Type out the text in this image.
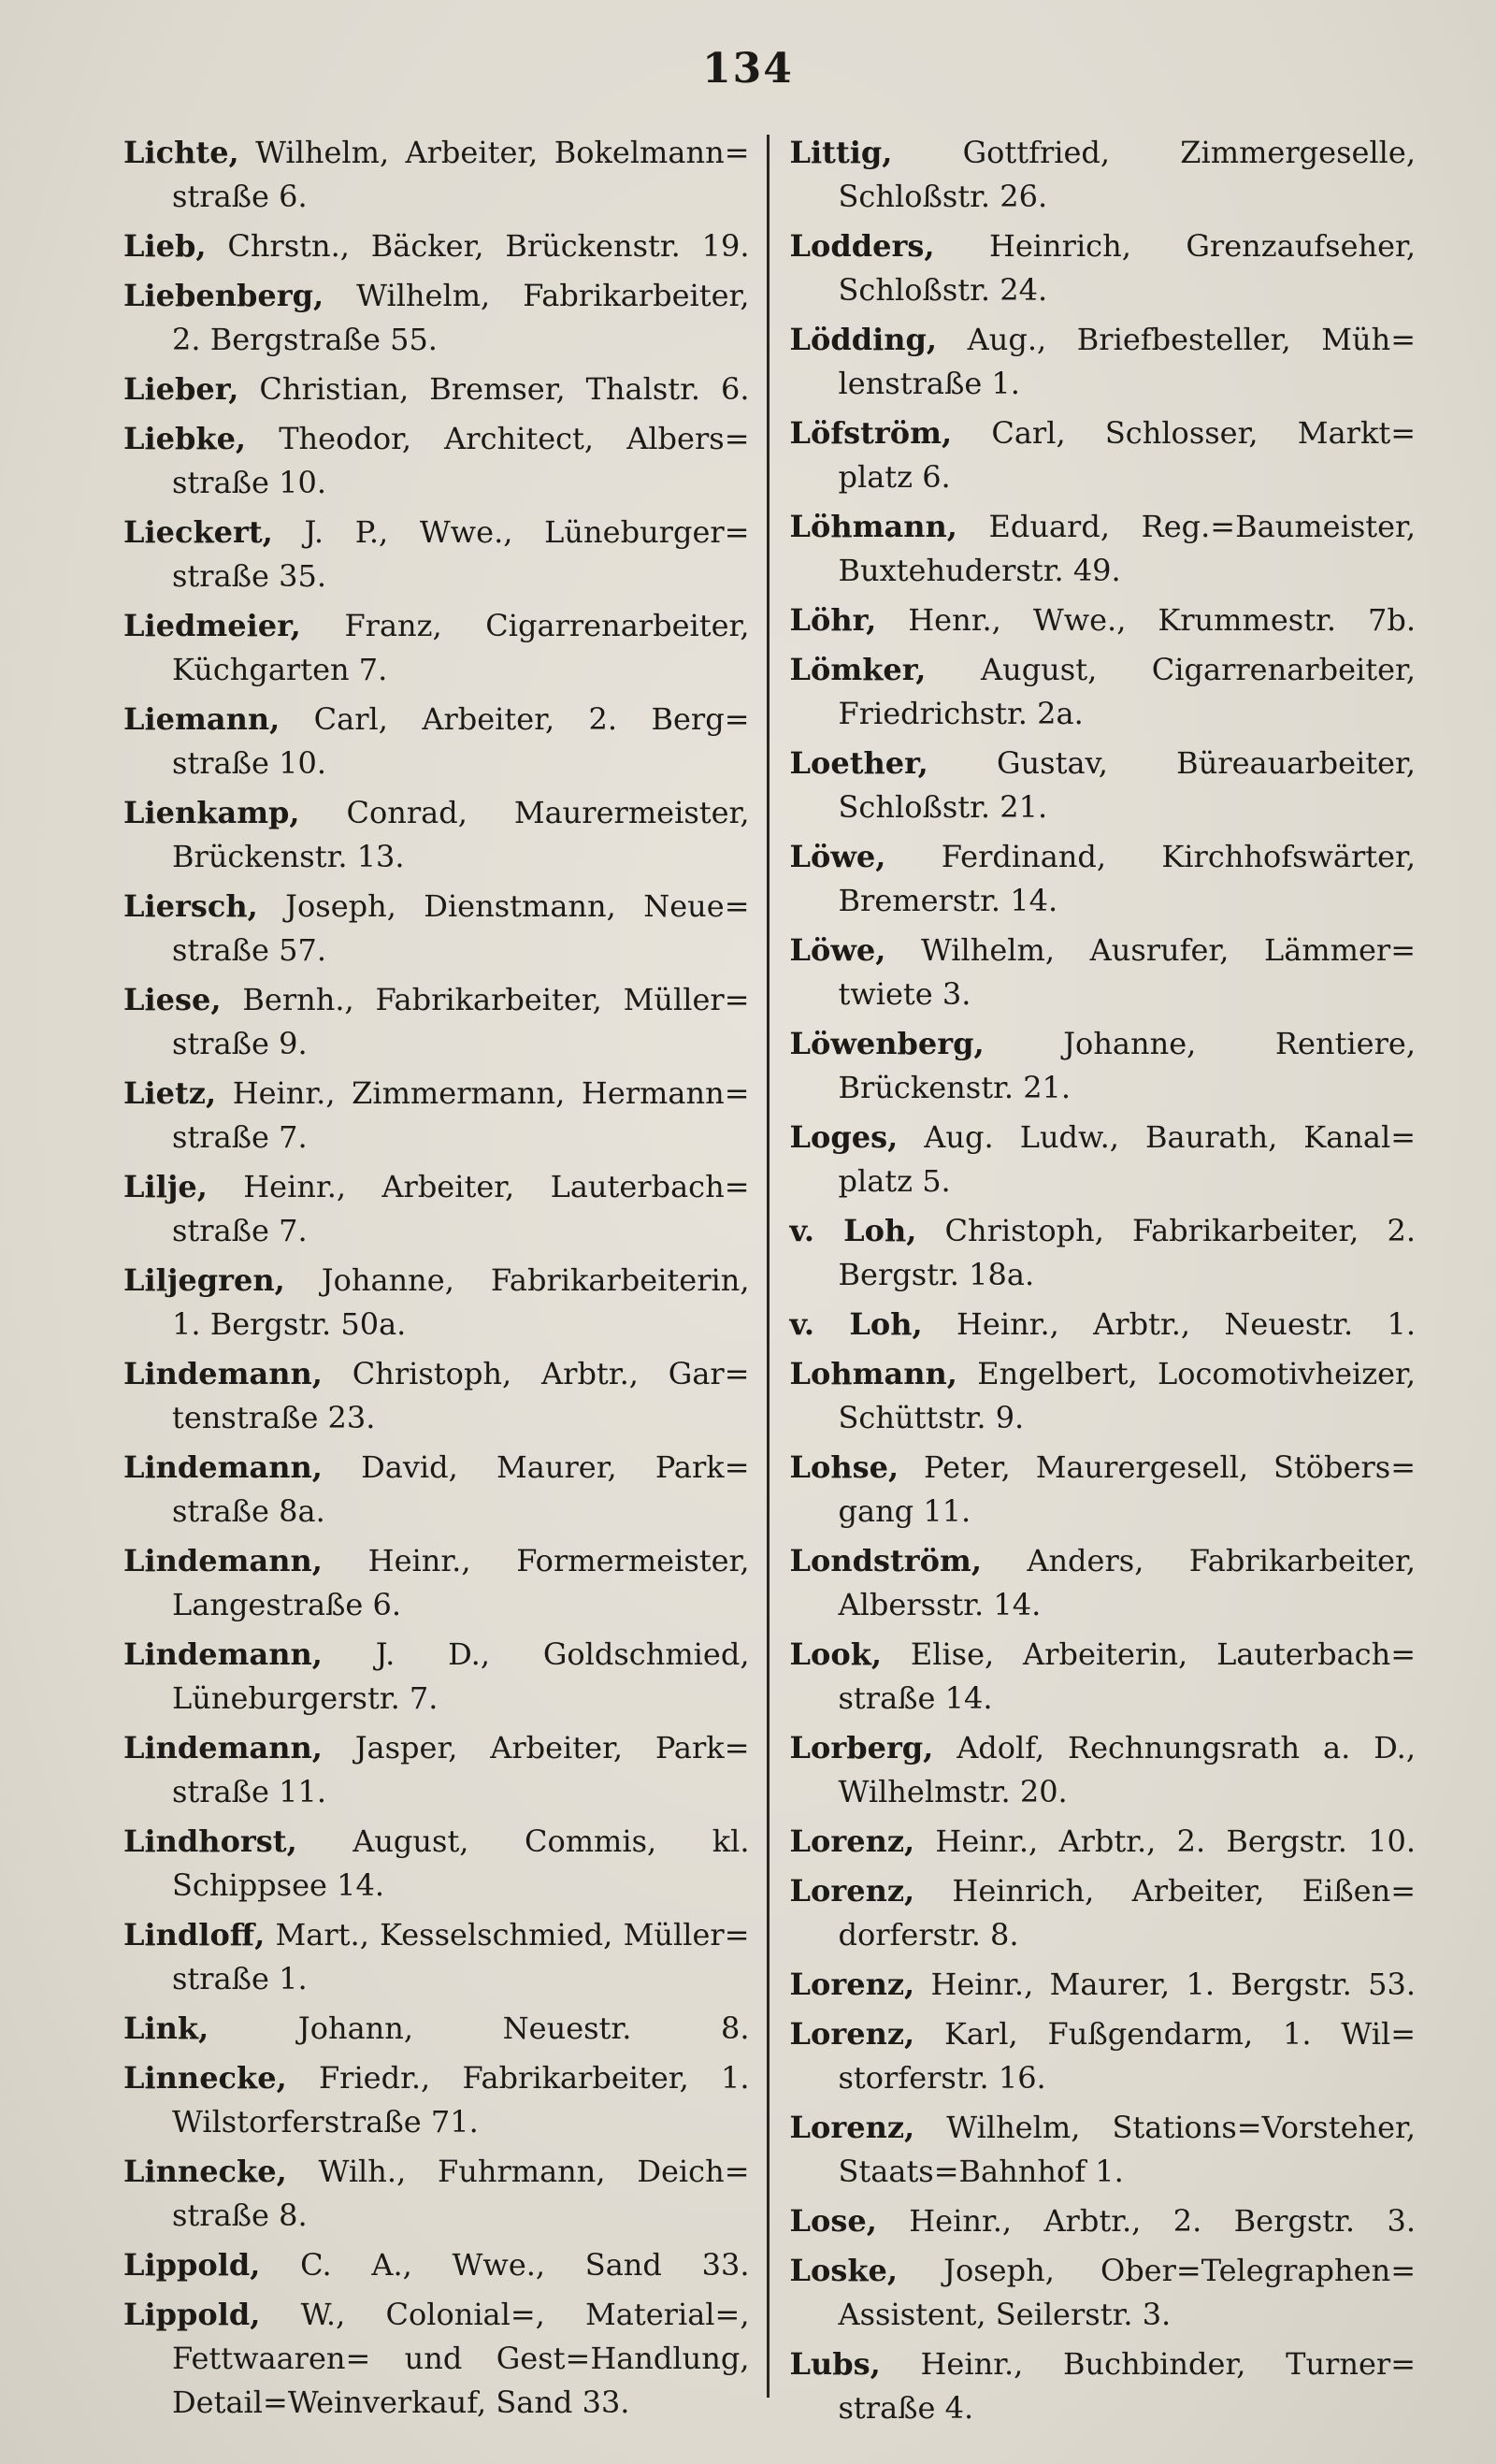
134
Lichte, Wilhelm, Arbeiter, Bokelmann=
straße 6.
Lieb, Chrstn., Bäcker, Brückenstr. 19.
Liebenberg, Wilhelm, Fabrikarbeiter,
2. Bergstraße 55.
Lieber, Christian, Bremser, Thalstr. 6.
Liebke, Theodor, Architect, Albers=
straße 10.
Lieckert, J. P., Wwe., Lüneburger=
straße 35.
Liedmeier, Franz, Cigarrenarbeiter,
Küchgarten 7.
Liemann, Carl, Arbeiter, 2. Berg=
straße 10.
Lienkamp, Conrad, Maurermeister,
Brückenstr. 13.
Liersch, Joseph, Dienstmann, Neue=
straße 57.
Liese, Bernh., Fabrikarbeiter, Müller=
straße 9.
Lietz, Heinr., Zimmermann, Hermann=
straße 7.
Lilje, Heinr., Arbeiter, Lauterbach=
straße 7.
Liljegren, Johanne, Fabrikarbeiterin,
1. Bergstr. 50a.
Lindemann, Christoph, Arbtr., Gar=
tenstraße 23.
Lindemann, David, Maurer, Park=
straße 8a.
Lindemann, Heinr., Formermeister,
Langestraße 6.
Lindemann, J. D., Goldschmied,
Lüneburgerstr. 7.
Lindemann, Jasper, Arbeiter, Park=
straße 11.
Lindhorst, August, Commis, kl.
Schippsee 14.
Lindloff, Mart., Kesselschmied, Müller=
straße 1.
Link,	Johann, Neuestr. 8.
Linnecke, Friedr., Fabrikarbeiter, 1.
Wilstorferstraße 71.
Linnecke, Wilh., Fuhrmann, Deich=
straße 8.
Lippold, C. A., Wwe., Sand 33.
Lippold, W., Colonial=, Material=,
Fettwaaren= und Gest=Handlung,
Detail=Weinverkauf, Sand 33.
Littig, Gottfried, Zimmergeselle,
Schloßstr. 26.
Lodders, Heinrich, Grenzaufseher,
Schloßstr. 24.
Lödding, Aug., Briefbesteller, Müh=
lenstraße 1.
Löfström, Carl, Schlosser, Markt=
platz 6.
Löhmann, Eduard, Reg.=Baumeister,
Buxtehuderstr. 49.
Löhr, Henr., Wwe., Krummestr. 7b.
Lömker, August, Cigarrenarbeiter,
Friedrichstr. 2a.
Loether, Gustav, Büreauarbeiter,
Schloßstr. 21.
Löwe, Ferdinand, Kirchhofswärter,
Bremerstr. 14.
Löwe, Wilhelm, Ausrufer, Lämmer=
twiete 3.
Löwenberg,	Johanne, Rentiere,
Brückenstr. 21.
Loges, Aug. Ludw., Baurath, Kanal=
platz 5.
v. Loh, Christoph, Fabrikarbeiter, 2.
Bergstr. 18a.
v. Loh, Heinr., Arbtr., Neuestr. 1.
Lohmann, Engelbert, Locomotivheizer,
Schüttstr. 9.
Lohse, Peter, Maurergesell, Stöbers=
gang 11.
Londström, Anders, Fabrikarbeiter,
Albersstr. 14.
Look, Elise, Arbeiterin, Lauterbach=
straße 14.
Lorberg, Adolf, Rechnungsrath a. D.,
Wilhelmstr. 20.
Lorenz, Heinr., Arbtr., 2. Bergstr. 10.
Lorenz, Heinrich, Arbeiter, Eißen=
dorferstr. 8.
Lorenz, Heinr., Maurer, 1. Bergstr. 53.
Lorenz, Karl, Fußgendarm, 1. Wil=
storferstr. 16.
Lorenz, Wilhelm, Stations=Vorsteher,
Staats=Bahnhof 1.
Lose, Heinr., Arbtr., 2. Bergstr. 3.
Loske, Joseph, Ober=Telegraphen=
Assistent, Seilerstr. 3.
Lubs, Heinr., Buchbinder, Turner=
straße 4.
